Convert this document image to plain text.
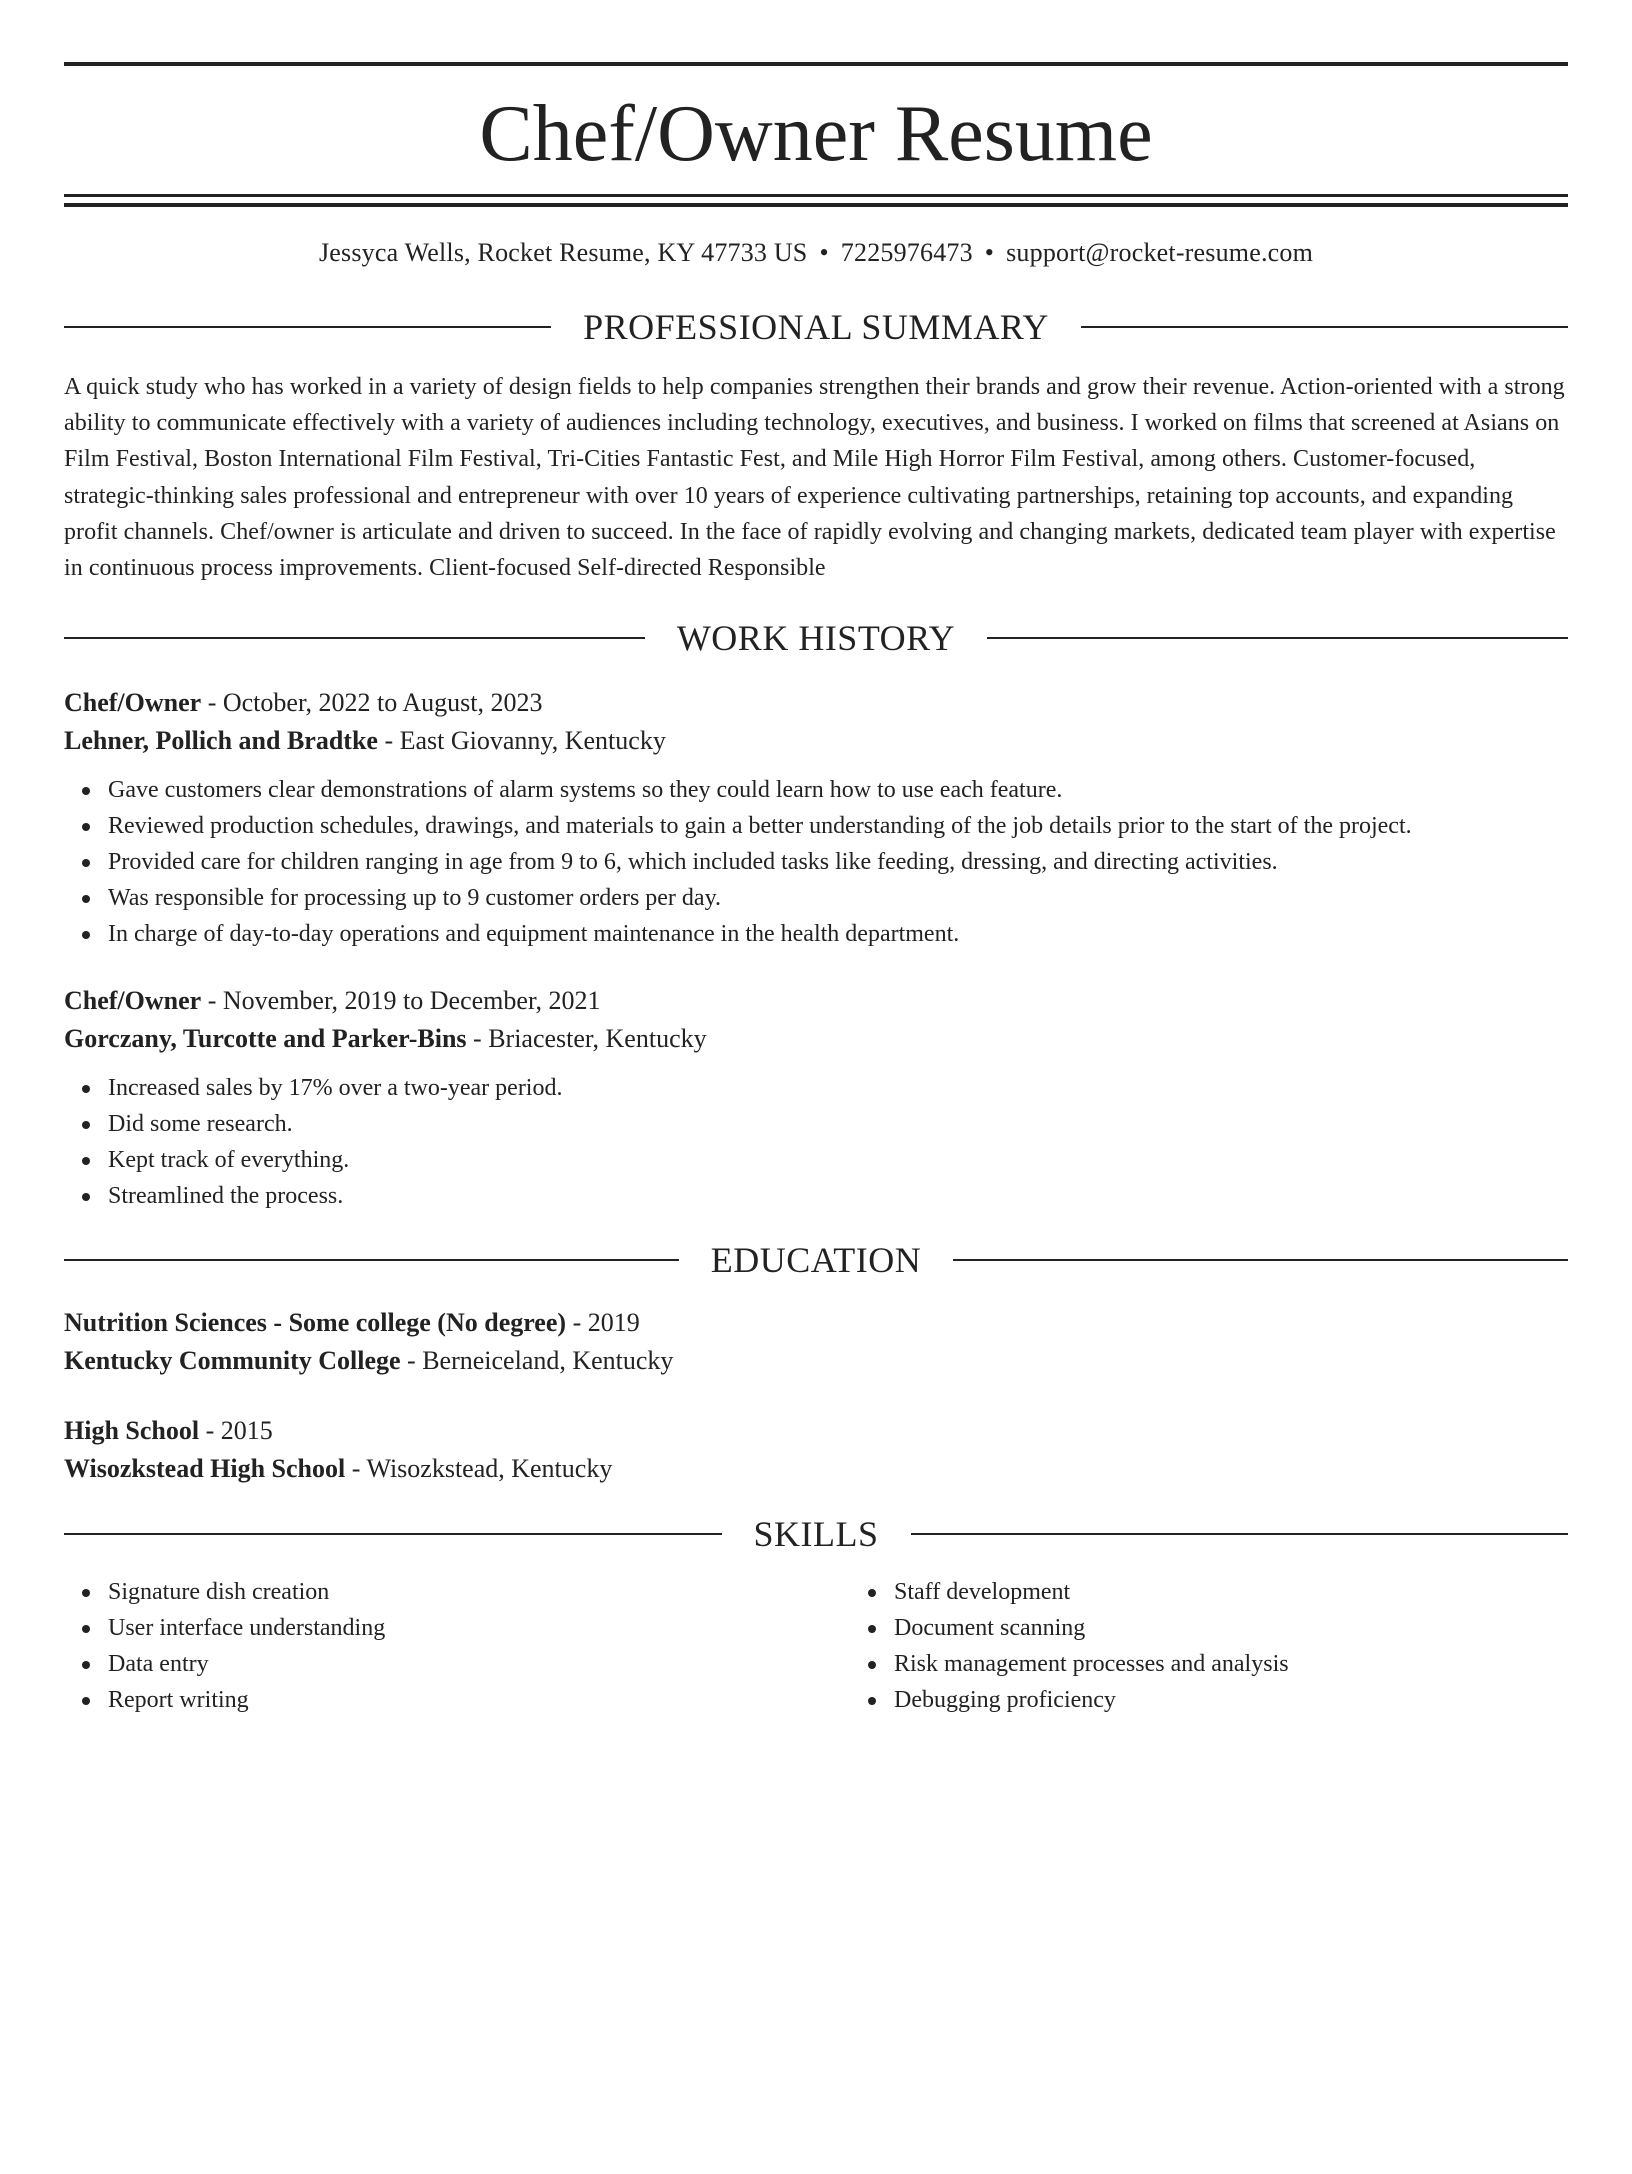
Chef/Owner Resume
Jessyca Wells, Rocket Resume, KY 47733 US • 7225976473 • support@rocket-resume.com
PROFESSIONAL SUMMARY
A quick study who has worked in a variety of design fields to help companies strengthen their brands and grow their revenue. Action-oriented with a strong ability to communicate effectively with a variety of audiences including technology, executives, and business. I worked on films that screened at Asians on Film Festival, Boston International Film Festival, Tri-Cities Fantastic Fest, and Mile High Horror Film Festival, among others. Customer-focused, strategic-thinking sales professional and entrepreneur with over 10 years of experience cultivating partnerships, retaining top accounts, and expanding profit channels. Chef/owner is articulate and driven to succeed. In the face of rapidly evolving and changing markets, dedicated team player with expertise in continuous process improvements. Client-focused Self-directed Responsible
WORK HISTORY
Chef/Owner - October, 2022 to August, 2023
Lehner, Pollich and Bradtke - East Giovanny, Kentucky
Gave customers clear demonstrations of alarm systems so they could learn how to use each feature.
Reviewed production schedules, drawings, and materials to gain a better understanding of the job details prior to the start of the project.
Provided care for children ranging in age from 9 to 6, which included tasks like feeding, dressing, and directing activities.
Was responsible for processing up to 9 customer orders per day.
In charge of day-to-day operations and equipment maintenance in the health department.
Chef/Owner - November, 2019 to December, 2021
Gorczany, Turcotte and Parker-Bins - Briacester, Kentucky
Increased sales by 17% over a two-year period.
Did some research.
Kept track of everything.
Streamlined the process.
EDUCATION
Nutrition Sciences - Some college (No degree) - 2019
Kentucky Community College - Berneiceland, Kentucky
High School - 2015
Wisozkstead High School - Wisozkstead, Kentucky
SKILLS
Signature dish creation
User interface understanding
Data entry
Report writing
Staff development
Document scanning
Risk management processes and analysis
Debugging proficiency
